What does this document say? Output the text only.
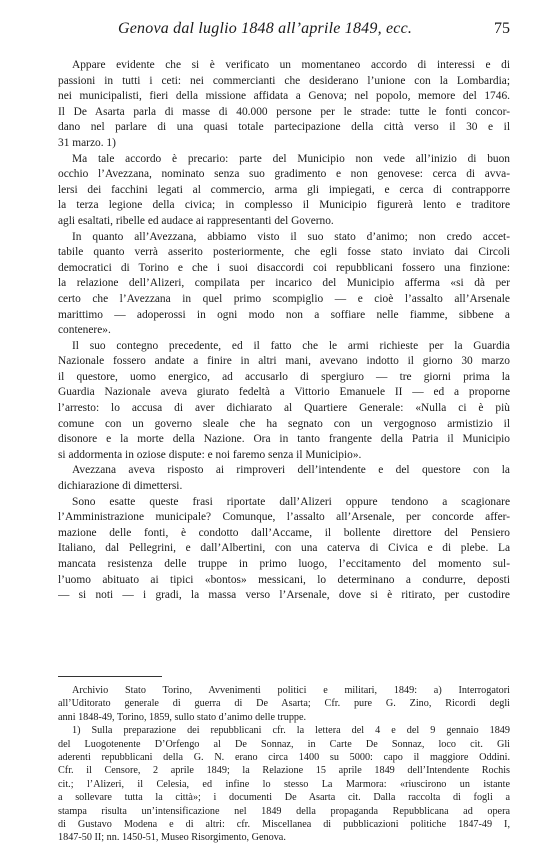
Genova dal luglio 1848 all’aprile 1849, ecc.	75
Appare evidente che si è verificato un momentaneo accordo di interessi e di
passioni in tutti i ceti: nei commercianti che desiderano l’unione con la Lombardia;
nei municipalisti, fieri della missione affidata a Genova; nel popolo, memore del 1746.
Il De Asarta parla di masse di 40.000 persone per le strade: tutte le fonti concor-
dano nel parlare di una quasi totale partecipazione della città verso il 30 e il
31 marzo. 1)
Ma tale accordo è precario: parte del Municipio non vede all’inizio di buon
occhio l’Avezzana, nominato senza suo gradimento e non genovese: cerca di avva-
lersi dei facchini legati al commercio, arma gli impiegati, e cerca di contrapporre
la terza legione della civica; in complesso il Municipio figurerà lento e traditore
agli esaltati, ribelle ed audace ai rappresentanti del Governo.
In quanto all’Avezzana, abbiamo visto il suo stato d’animo; non credo accet-
tabile quanto verrà asserito posteriormente, che egli fosse stato inviato dai Circoli
democratici di Torino e che i suoi disaccordi coi repubblicani fossero una finzione:
la relazione dell’Alizeri, compilata per incarico del Municipio afferma «si dà per
certo che l’Avezzana in quel primo scompiglio — e cioè l’assalto all’Arsenale
marittimo — adoperossi in ogni modo non a soffiare nelle fiamme, sibbene a
contenere».
Il suo contegno precedente, ed il fatto che le armi richieste per la Guardia
Nazionale fossero andate a finire in altri mani, avevano indotto il giorno 30 marzo
il questore, uomo energico, ad accusarlo di spergiuro — tre giorni prima la
Guardia Nazionale aveva giurato fedeltà a Vittorio Emanuele II — ed a proporne
l’arresto: lo accusa di aver dichiarato al Quartiere Generale: «Nulla ci è più
comune con un governo sleale che ha segnato con un vergognoso armistizio il
disonore e la morte della Nazione. Ora in tanto frangente della Patria il Municipio
si addormenta in oziose dispute: e noi faremo senza il Municipio».
Avezzana aveva risposto ai rimproveri dell’intendente e del questore con la
dichiarazione di dimettersi.
Sono esatte queste frasi riportate dall’Alizeri oppure tendono a scagionare
l’Amministrazione municipale? Comunque, l’assalto all’Arsenale, per concorde affer-
mazione delle fonti, è condotto dall’Accame, il bollente direttore del Pensiero
Italiano, dal Pellegrini, e dall’Albertini, con una caterva di Civica e di plebe. La
mancata resistenza delle truppe in primo luogo, l’eccitamento del momento sul-
l’uomo abituato ai tipici «bontos» messicani, lo determinano a condurre, deposti
— si noti — i gradi, la massa verso l’Arsenale, dove si è ritirato, per custodire
Archivio Stato Torino, Avvenimenti politici e militari, 1849: a) Interrogatori
all’Uditorato generale di guerra di De Asarta; Cfr. pure G. Zino, Ricordi degli
anni 1848-49, Torino, 1859, sullo stato d’animo delle truppe.
1) Sulla preparazione dei repubblicani cfr. la lettera del 4 e del 9 gennaio 1849
del Luogotenente D’Orfengo al De Sonnaz, in Carte De Sonnaz, loco cit. Gli
aderenti repubblicani della G. N. erano circa 1400 su 5000: capo il maggiore Oddini.
Cfr. il Censore, 2 aprile 1849; la Relazione 15 aprile 1849 dell’Intendente Rochis
cit.; l’Alizeri, il Celesia, ed infine lo stesso La Marmora: «riuscirono un istante
a sollevare tutta la città»; i documenti De Asarta cit. Dalla raccolta di fogli a
stampa risulta un’intensificazione nel 1849 della propaganda Repubblicana ad opera
di Gustavo Modena e di altri: cfr. Miscellanea di pubblicazioni politiche 1847-49 I,
1847-50 II; nn. 1450-51, Museo Risorgimento, Genova.
